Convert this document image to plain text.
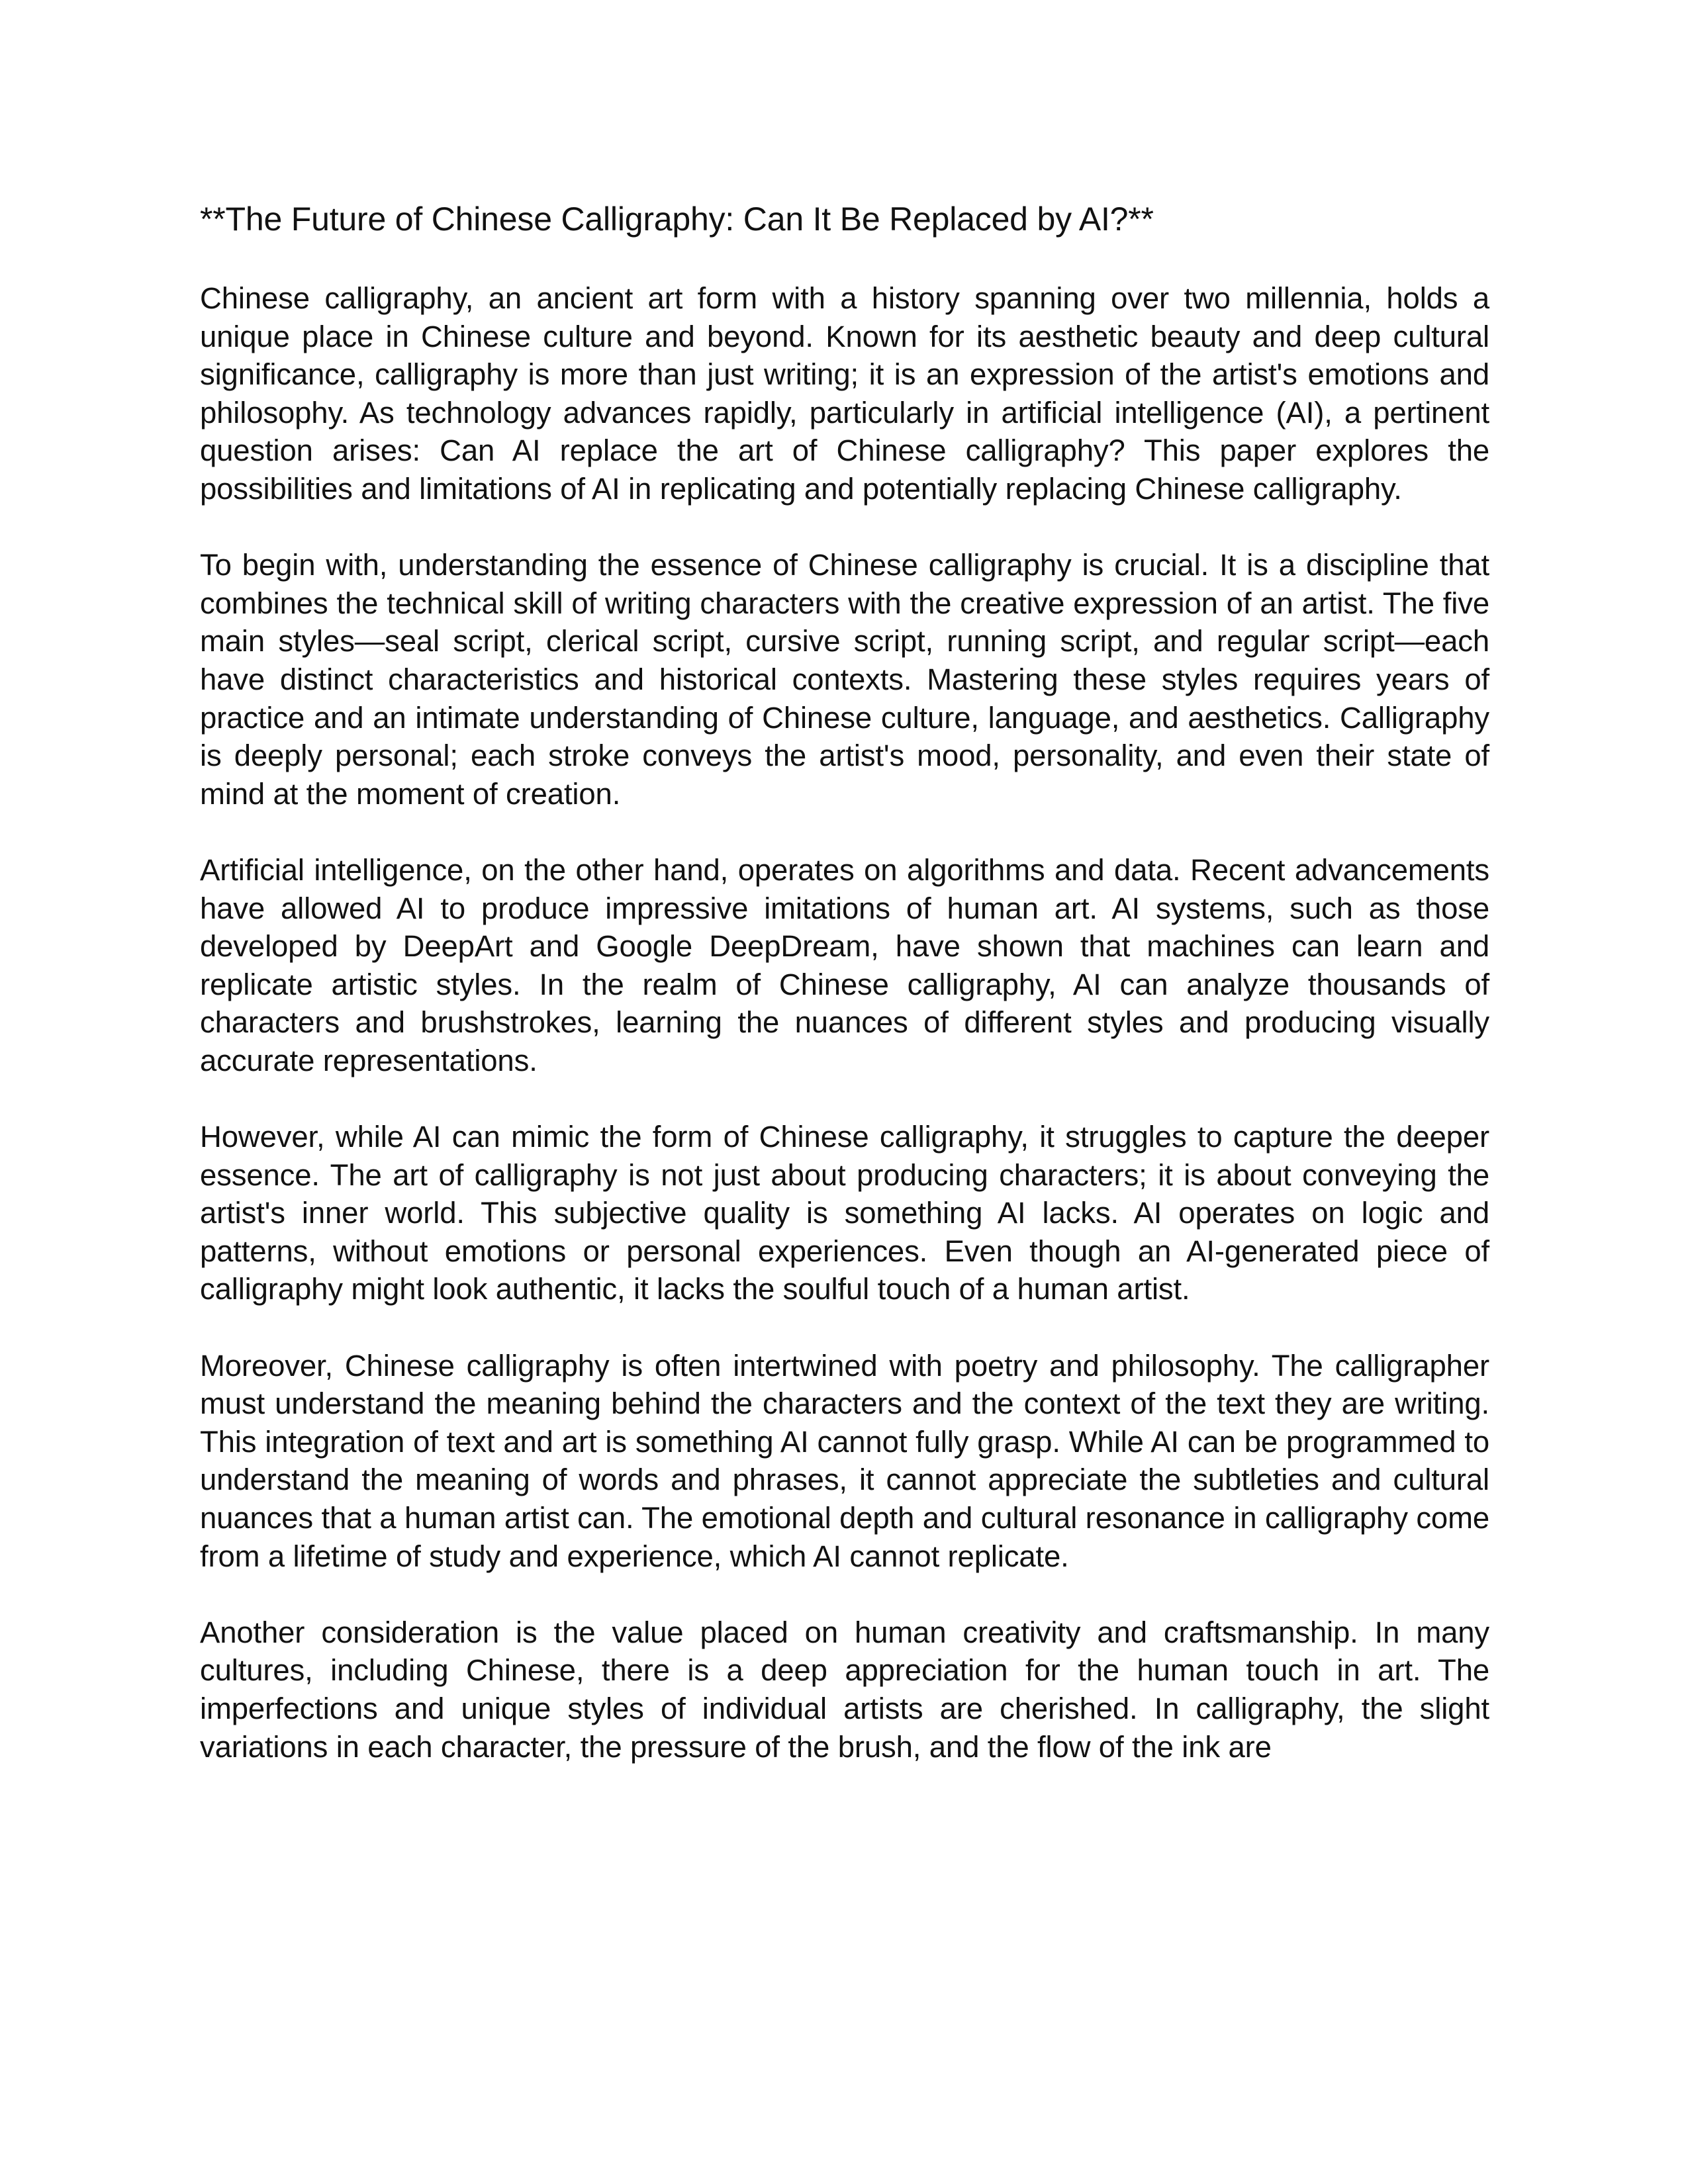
**The Future of Chinese Calligraphy: Can It Be Replaced by AI?**

Chinese calligraphy, an ancient art form with a history spanning over two millennia, holds a unique place in Chinese culture and beyond. Known for its aesthetic beauty and deep cultural significance, calligraphy is more than just writing; it is an expression of the artist's emotions and philosophy. As technology advances rapidly, particularly in artificial intelligence (AI), a pertinent question arises: Can AI replace the art of Chinese calligraphy? This paper explores the possibilities and limitations of AI in replicating and potentially replacing Chinese calligraphy.

To begin with, understanding the essence of Chinese calligraphy is crucial. It is a discipline that combines the technical skill of writing characters with the creative expression of an artist. The five main styles—seal script, clerical script, cursive script, running script, and regular script—each have distinct characteristics and historical contexts. Mastering these styles requires years of practice and an intimate understanding of Chinese culture, language, and aesthetics. Calligraphy is deeply personal; each stroke conveys the artist's mood, personality, and even their state of mind at the moment of creation.

Artificial intelligence, on the other hand, operates on algorithms and data. Recent advancements have allowed AI to produce impressive imitations of human art. AI systems, such as those developed by DeepArt and Google DeepDream, have shown that machines can learn and replicate artistic styles. In the realm of Chinese calligraphy, AI can analyze thousands of characters and brushstrokes, learning the nuances of different styles and producing visually accurate representations.

However, while AI can mimic the form of Chinese calligraphy, it struggles to capture the deeper essence. The art of calligraphy is not just about producing characters; it is about conveying the artist's inner world. This subjective quality is something AI lacks. AI operates on logic and patterns, without emotions or personal experiences. Even though an AI-generated piece of calligraphy might look authentic, it lacks the soulful touch of a human artist.

Moreover, Chinese calligraphy is often intertwined with poetry and philosophy. The calligrapher must understand the meaning behind the characters and the context of the text they are writing. This integration of text and art is something AI cannot fully grasp. While AI can be programmed to understand the meaning of words and phrases, it cannot appreciate the subtleties and cultural nuances that a human artist can. The emotional depth and cultural resonance in calligraphy come from a lifetime of study and experience, which AI cannot replicate.

Another consideration is the value placed on human creativity and craftsmanship. In many cultures, including Chinese, there is a deep appreciation for the human touch in art. The imperfections and unique styles of individual artists are cherished. In calligraphy, the slight variations in each character, the pressure of the brush, and the flow of the ink are
